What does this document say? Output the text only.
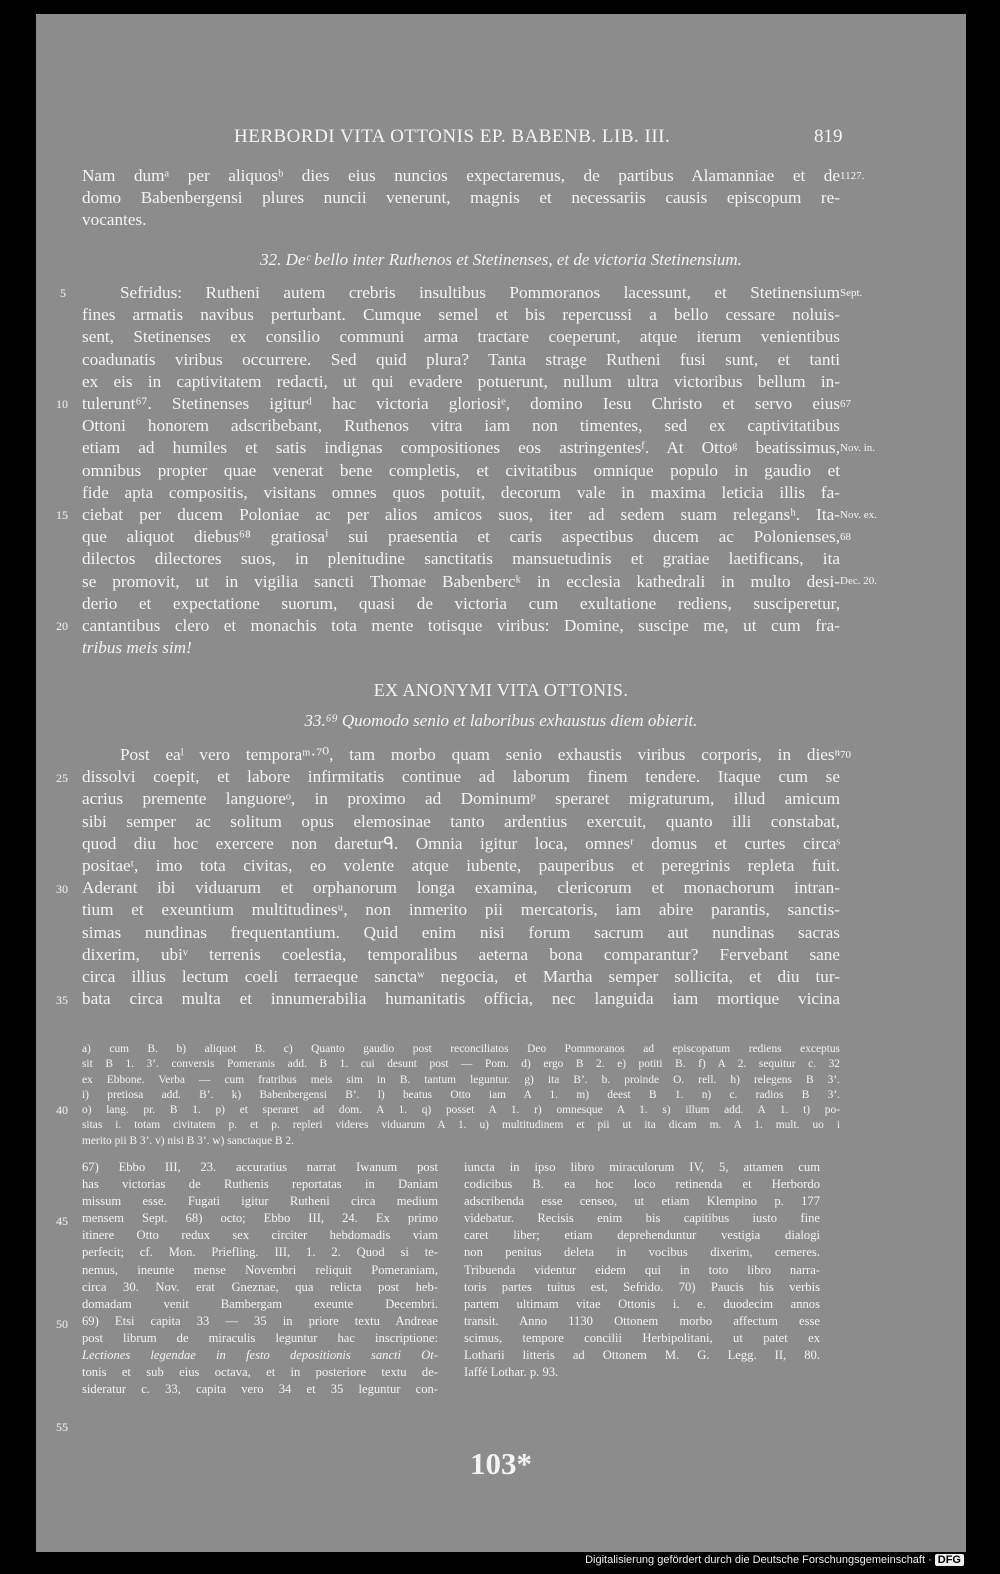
HERBORDI VITA OTTONIS EP. BABENB. LIB. III.	819
Nam dumᵃ per aliquosᵇ dies eius nuncios expectaremus, de partibus Alamanniae et de
domo Babenbergensi plures nuncii venerunt, magnis et necessariis causis episcopum re-
vocantes.
1127.
32. Deᶜ bello inter Ruthenos et Stetinenses, et de victoria Stetinensium.
Sefridus: Rutheni autem crebris insultibus Pommoranos lacessunt, et Stetinensium
fines armatis navibus perturbant. Cumque semel et bis repercussi a bello cessare noluis-
sent, Stetinenses ex consilio communi arma tractare coeperunt, atque iterum venientibus
coadunatis viribus occurrere. Sed quid plura? Tanta strage Rutheni fusi sunt, et tanti
ex eis in captivitatem redacti, ut qui evadere potuerunt, nullum ultra victoribus bellum in-
tulerunt⁶⁷. Stetinenses igiturᵈ hac victoria gloriosiᵉ, domino Iesu Christo et servo eius
Ottoni honorem adscribebant, Ruthenos vitra iam non timentes, sed ex captivitatibus
etiam ad humiles et satis indignas compositiones eos astringentesᶠ. At Ottoᵍ beatissimus,
omnibus propter quae venerat bene completis, et civitatibus omnique populo in gaudio et
fide apta compositis, visitans omnes quos potuit, decorum vale in maxima leticia illis fa-
ciebat per ducem Poloniae ac per alios amicos suos, iter ad sedem suam relegansʰ. Ita-
que aliquot diebus⁶⁸ gratiosaⁱ sui praesentia et caris aspectibus ducem ac Polonienses,
dilectos dilectores suos, in plenitudine sanctitatis mansuetudinis et gratiae laetificans, ita
se promovit, ut in vigilia sancti Thomae Babenbercᵏ in ecclesia kathedrali in multo desi-
derio et expectatione suorum, quasi de victoria cum exultatione rediens, susciperetur,
cantantibus clero et monachis tota mente totisque viribus: Domine, suscipe me, ut cum fra-
tribus meis sim!
5
10
15
20
Sept.
67
Nov. in.
Nov. ex.
68
Dec. 20.
EX ANONYMI VITA OTTONIS.
33.⁶⁹ Quomodo senio et laboribus exhaustus diem obierit.
Post eaˡ vero temporaᵐ·⁷⁰, tam morbo quam senio exhaustis viribus corporis, in diesⁿ
dissolvi coepit, et labore infirmitatis continue ad laborum finem tendere. Itaque cum se
acrius premente languoreᵒ, in proximo ad Dominumᵖ speraret migraturum, illud amicum
sibi semper ac solitum opus elemosinae tanto ardentius exercuit, quanto illi constabat,
quod diu hoc exercere non dareturᑫ. Omnia igitur loca, omnesʳ domus et curtes circaˢ
positaeᵗ, imo tota civitas, eo volente atque iubente, pauperibus et peregrinis repleta fuit.
Aderant ibi viduarum et orphanorum longa examina, clericorum et monachorum intran-
tium et exeuntium multitudinesᵘ, non inmerito pii mercatoris, iam abire parantis, sanctis-
simas nundinas frequentantium. Quid enim nisi forum sacrum aut nundinas sacras
dixerim, ubiᵛ terrenis coelestia, temporalibus aeterna bona comparantur? Fervebant sane
circa illius lectum coeli terraeque sanctaʷ negocia, et Martha semper sollicita, et diu tur-
bata circa multa et innumerabilia humanitatis officia, nec languida iam mortique vicina
70
25
30
35
a) cum B. b) aliquot B. c) Quanto gaudio post reconciliatos Deo Pommoranos ad episcopatum rediens exceptus
sit B 1. 3’. conversis Pomeranis add. B 1. cui desunt post — Pom. d) ergo B 2. e) potiti B. f) A 2. sequitur c. 32
ex Ebbone. Verba — cum fratribus meis sim in B. tantum leguntur. g) ita B’. b. proinde O. rell. h) relegens B 3’.
i) pretiosa add. B’. k) Babenbergensi B’. l) beatus Otto iam A 1. m) deest B 1. n) c. radios B 3’.
o) lang. pr. B 1. p) et speraret ad dom. A 1. q) posset A 1. r) omnesque A 1. s) illum add. A 1. t) po-
sitas i. totam civitatem p. et p. repleri videres viduarum A 1. u) multitudinem et pii ut ita dicam m. A 1. mult. uo i
merito pii B 3’. v) nisi B 3’. w) sanctaque B 2.
40
67) Ebbo III, 23. accuratius narrat Iwanum post
has victorias de Ruthenis reportatas in Daniam
missum esse. Fugati igitur Rutheni circa medium
mensem Sept. 68) octo; Ebbo III, 24. Ex primo
itinere Otto redux sex circiter hebdomadis viam
perfecit; cf. Mon. Priefling. III, 1. 2. Quod si te-
nemus, ineunte mense Novembri reliquit Pomeraniam,
circa 30. Nov. erat Gneznae, qua relicta post heb-
domadam venit Bambergam exeunte Decembri.
69) Etsi capita 33 — 35 in priore textu Andreae
post librum de miraculis leguntur hac inscriptione:
Lectiones legendae in festo depositionis sancti Ot-
tonis et sub eius octava, et in posteriore textu de-
sideratur c. 33, capita vero 34 et 35 leguntur con-
iuncta in ipso libro miraculorum IV, 5, attamen cum
codicibus B. ea hoc loco retinenda et Herbordo
adscribenda esse censeo, ut etiam Klempino p. 177
videbatur. Recisis enim bis capitibus iusto fine
caret liber; etiam deprehenduntur vestigia dialogi
non penitus deleta in vocibus dixerim, cerneres.
Tribuenda videntur eidem qui in toto libro narra-
toris partes tuitus est, Sefrido. 70) Paucis his verbis
partem ultimam vitae Ottonis i. e. duodecim annos
transit. Anno 1130 Ottonem morbo affectum esse
scimus, tempore concilii Herbipolitani, ut patet ex
Lotharii litteris ad Ottonem M. G. Legg. II, 80.
Iaffé Lothar. p. 93.
45
50
55
103*
Digitalisierung gefördert durch die Deutsche Forschungsgemeinschaft · DFG
